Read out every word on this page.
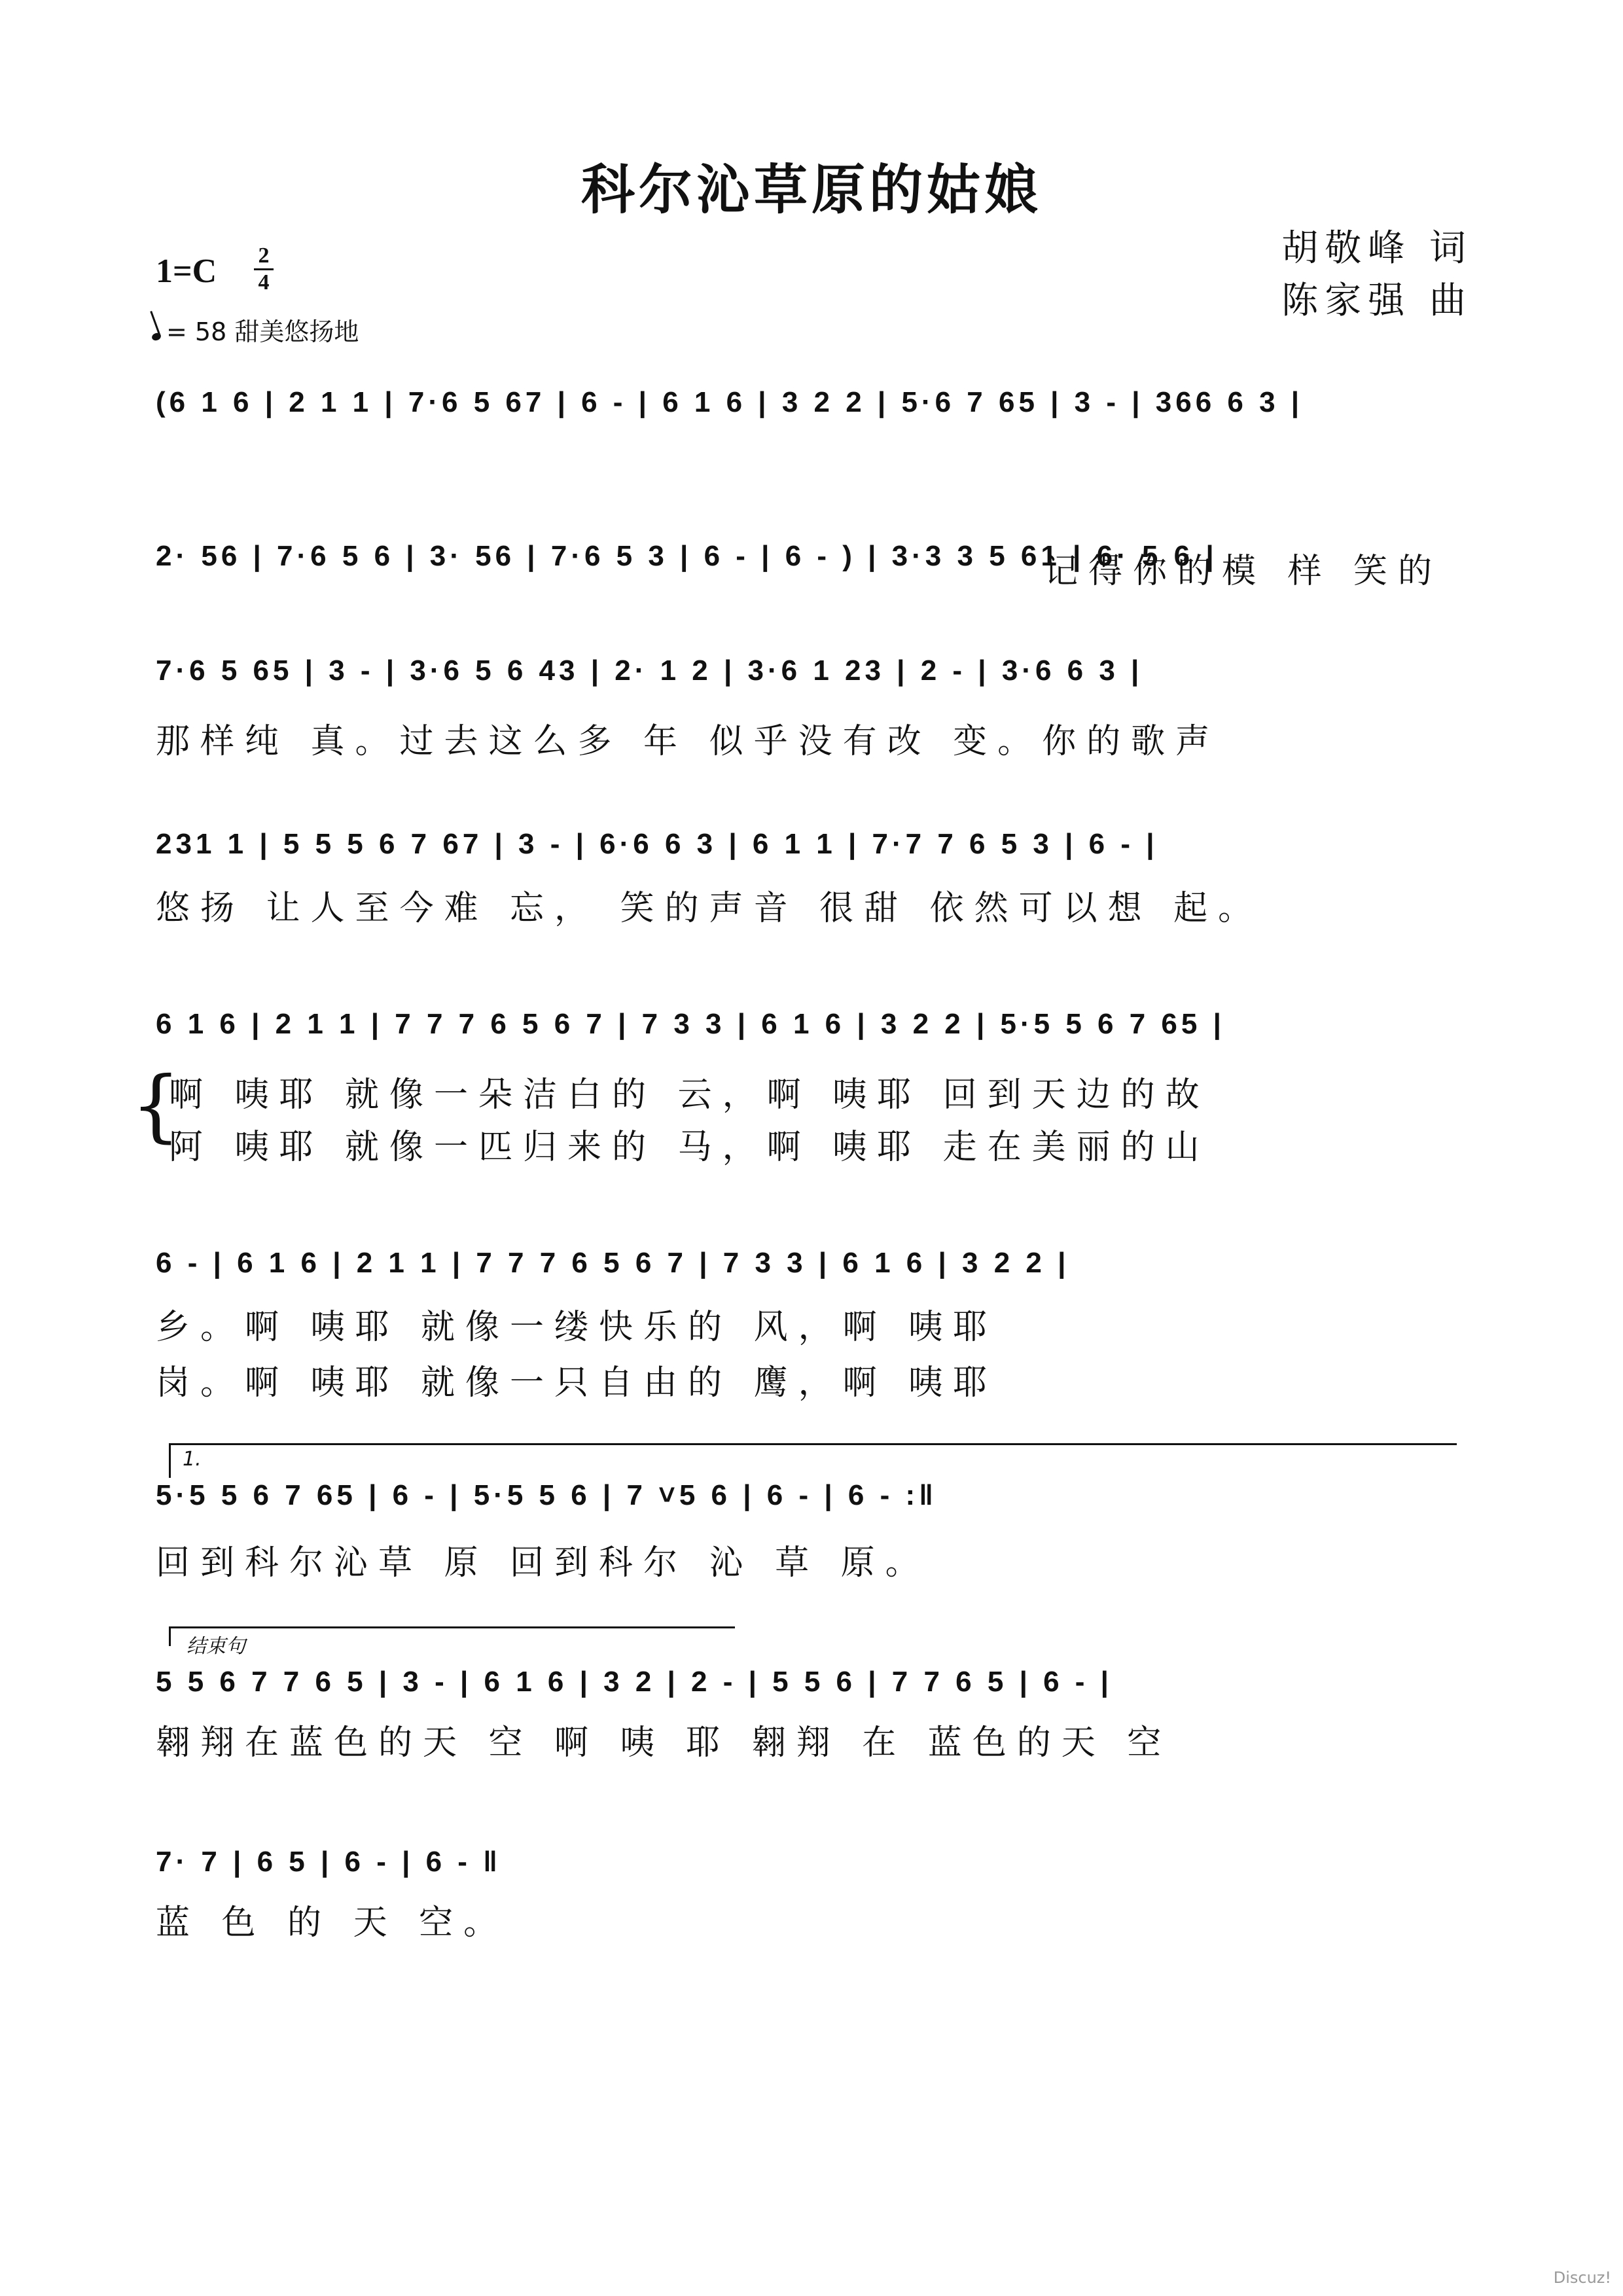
科尔沁草原的姑娘
胡敬峰 词
陈家强 曲
1=C 2
4
= 58 甜美悠扬地
(6 1 6 | 2 1 1 | 7·6 5 67 | 6 - | 6 1 6 | 3 2 2 | 5·6 7 65 | 3 - | 366 6 3 |
2· 56 | 7·6 5 6 | 3· 56 | 7·6 5 3 | 6 - | 6 - ) | 3·3 3 5 61 | 6· 5 6 |
记得你的模 样 笑的
7·6 5 65 | 3 - | 3·6 5 6 43 | 2· 1 2 | 3·6 1 23 | 2 - | 3·6 6 3 |
那样纯 真。过去这么多 年 似乎没有改 变。你的歌声
231 1 | 5 5 5 6 7 67 | 3 - | 6·6 6 3 | 6 1 1 | 7·7 7 6 5 3 | 6 - |
悠扬 让人至今难 忘， 笑的声音 很甜 依然可以想 起。
6 1 6 | 2 1 1 | 7 7 7 6 5 6 7 | 7 3 3 | 6 1 6 | 3 2 2 | 5·5 5 6 7 65 |
{
啊 咦耶 就像一朵洁白的 云，啊 咦耶 回到天边的故
阿 咦耶 就像一匹归来的 马，啊 咦耶 走在美丽的山
6 - | 6 1 6 | 2 1 1 | 7 7 7 6 5 6 7 | 7 3 3 | 6 1 6 | 3 2 2 |
乡。啊 咦耶 就像一缕快乐的 风，啊 咦耶
岗。啊 咦耶 就像一只自由的 鹰，啊 咦耶
1.
5·5 5 6 7 65 | 6 - | 5·5 5 6 | 7 ˅5 6 | 6 - | 6 - :‖
回到科尔沁草 原 回到科尔 沁 草 原。
结束句
5 5 6 7 7 6 5 | 3 - | 6 1 6 | 3 2 | 2 - | 5 5 6 | 7 7 6 5 | 6 - |
翱翔在蓝色的天 空 啊 咦 耶 翱翔 在 蓝色的天 空
7· 7 | 6 5 | 6 - | 6 - ‖
蓝 色 的 天 空。
Discuz!
